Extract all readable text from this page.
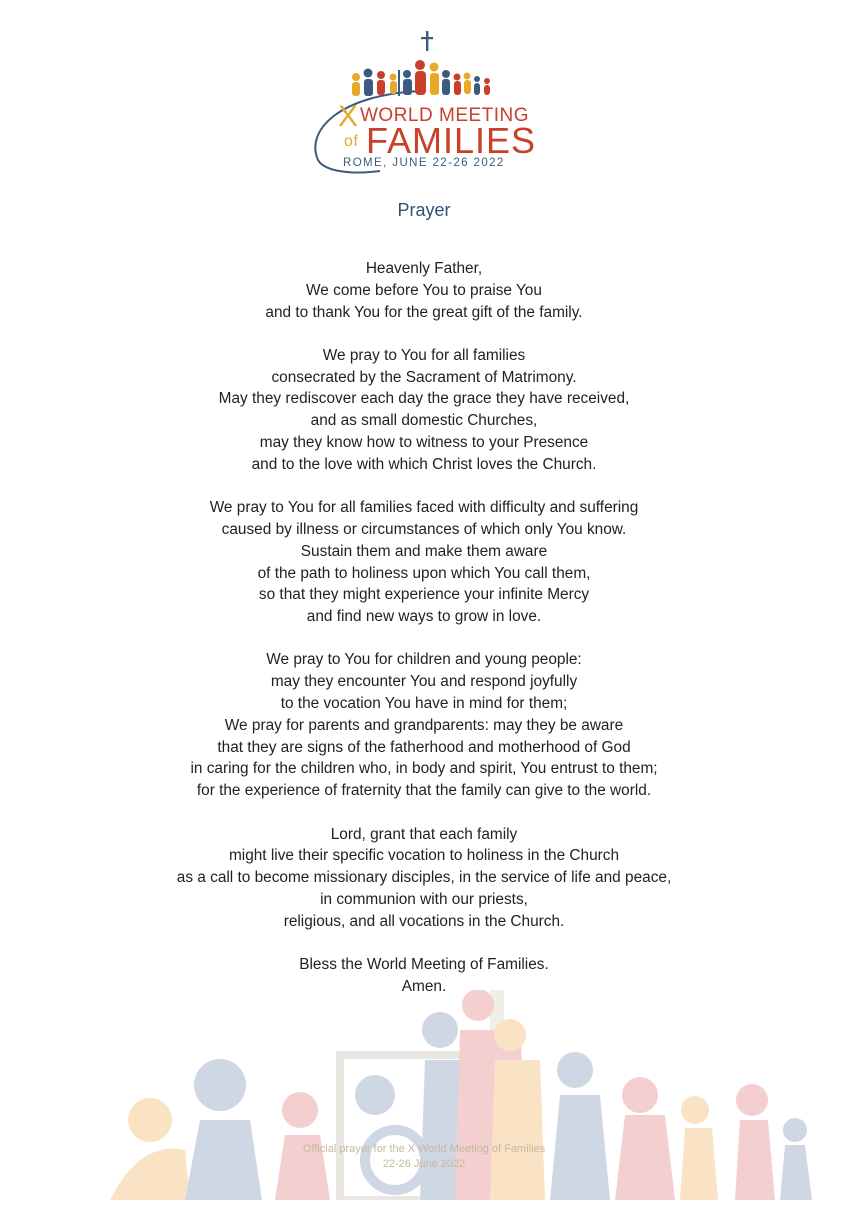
X WORLD MEETING
of FAMILIES
ROME, JUNE 22-26 2022
Prayer
Heavenly Father,
We come before You to praise You
and to thank You for the great gift of the family.
We pray to You for all families
consecrated by the Sacrament of Matrimony.
May they rediscover each day the grace they have received,
and as small domestic Churches,
may they know how to witness to your Presence
and to the love with which Christ loves the Church.
We pray to You for all families faced with difficulty and suffering
caused by illness or circumstances of which only You know.
Sustain them and make them aware
of the path to holiness upon which You call them,
so that they might experience your infinite Mercy
and find new ways to grow in love.
We pray to You for children and young people:
may they encounter You and respond joyfully
to the vocation You have in mind for them;
We pray for parents and grandparents: may they be aware
that they are signs of the fatherhood and motherhood of God
in caring for the children who, in body and spirit, You entrust to them;
for the experience of fraternity that the family can give to the world.
Lord, grant that each family
might live their specific vocation to holiness in the Church
as a call to become missionary disciples, in the service of life and peace,
in communion with our priests,
religious, and all vocations in the Church.
Bless the World Meeting of Families.
Amen.
Official prayer for the X World Meeting of Families
22-26 June 2022
